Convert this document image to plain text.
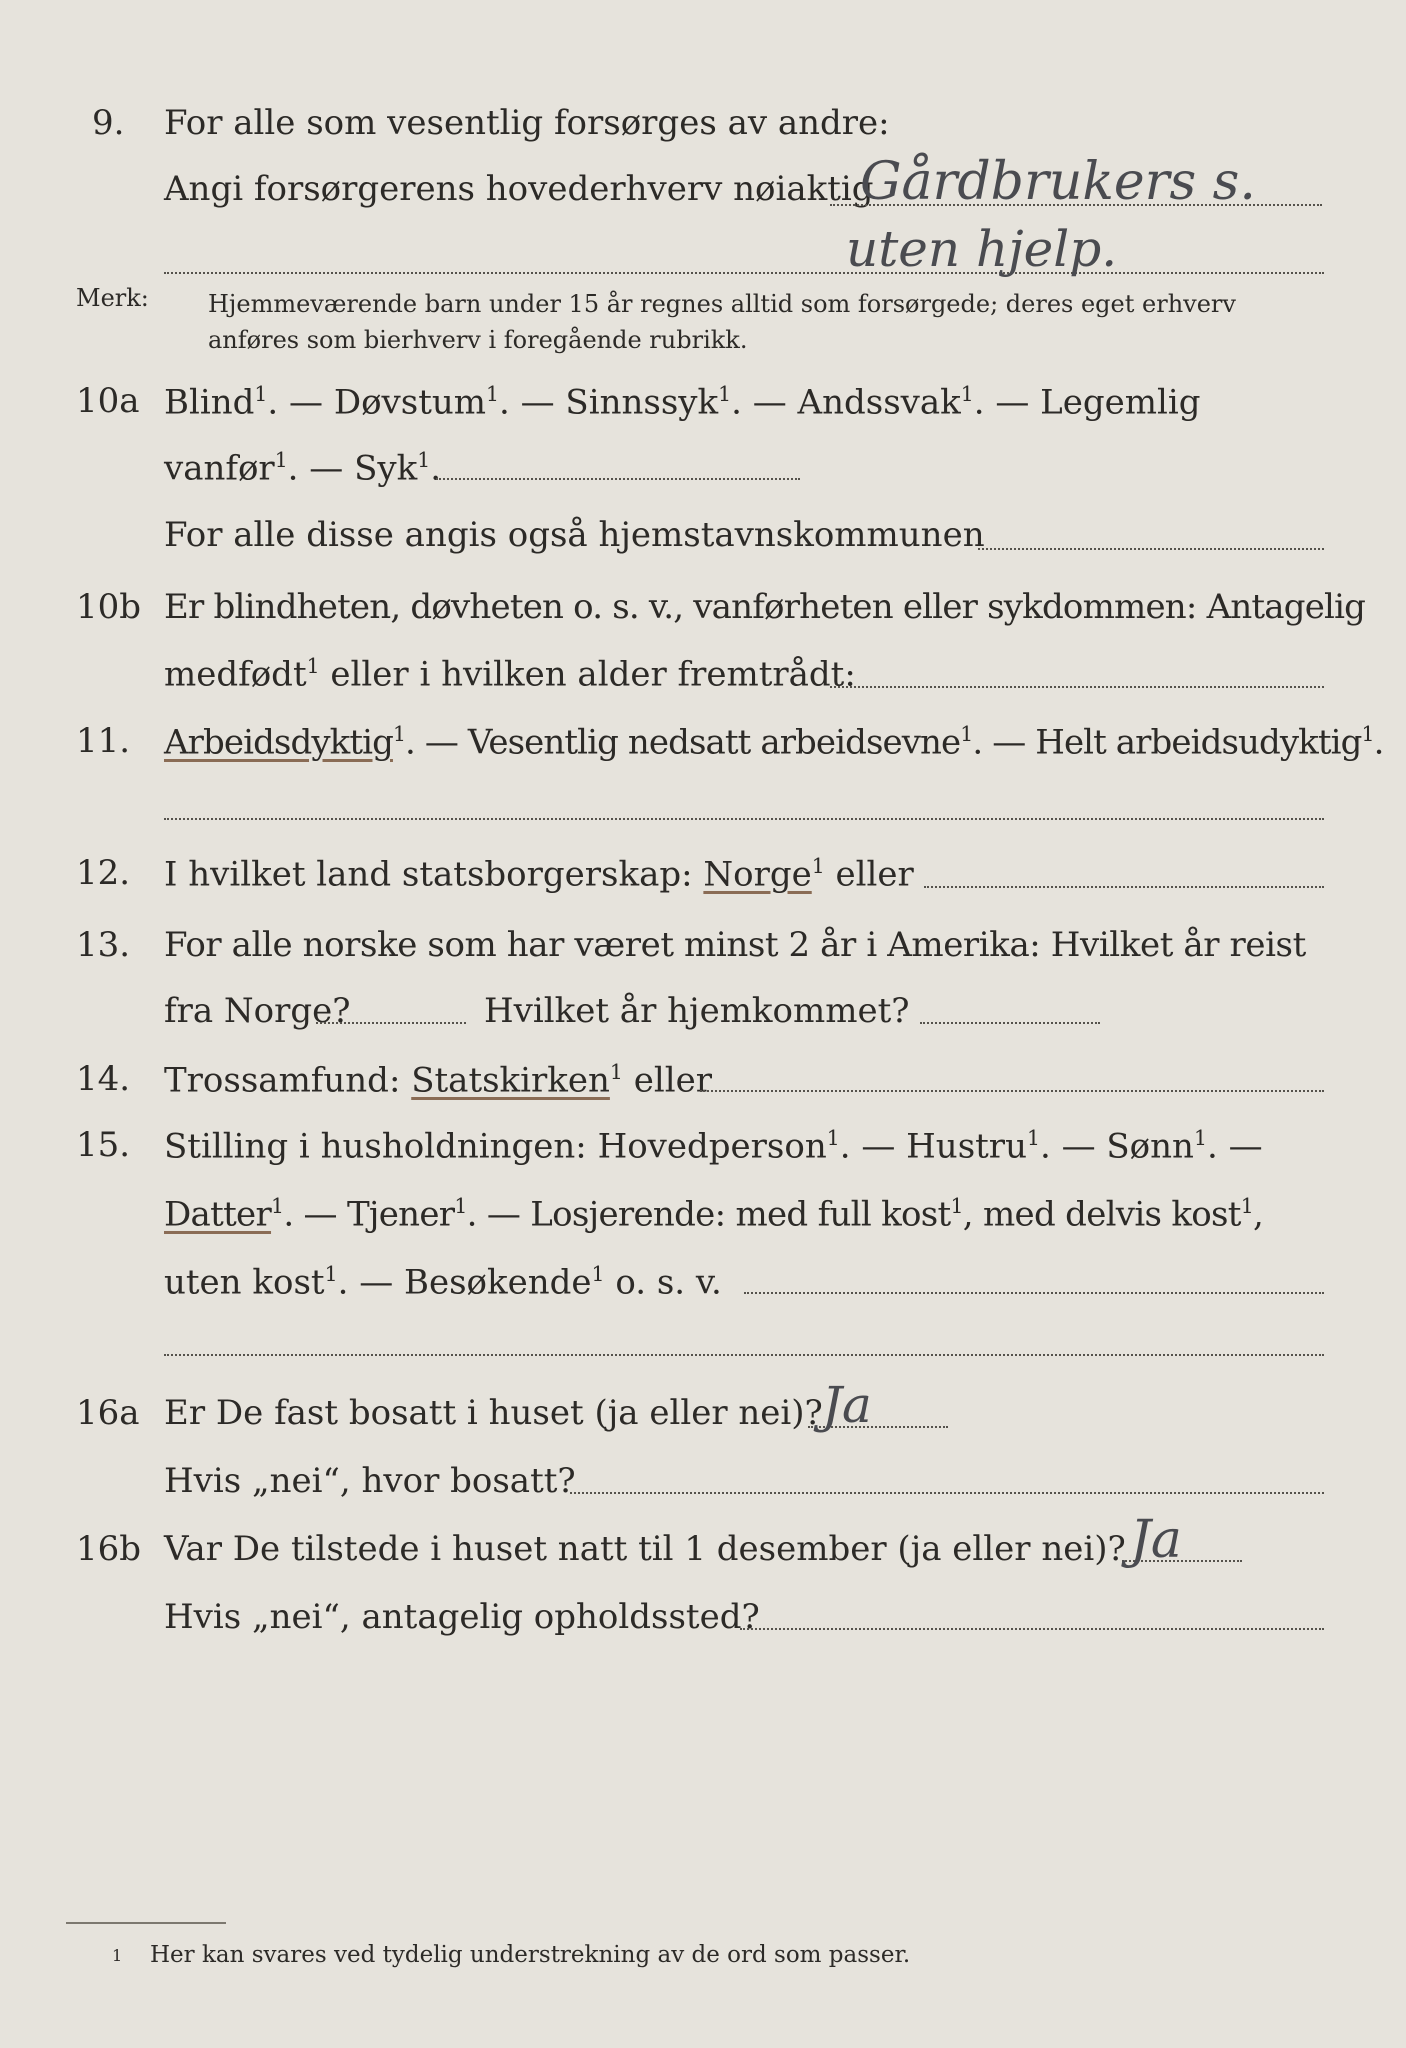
9. For alle som vesentlig forsørges av andre:
Angi forsørgerens hovederhverv nøiaktig
Gårdbrukers s.
uten hjelp.
Merk: Hjemmeværende barn under 15 år regnes alltid som forsørgede; deres eget erhverv
anføres som bierhverv i foregående rubrikk.
10a Blind$^1$. — Døvstum$^1$. — Sinnssyk$^1$. — Andssvak$^1$. — Legemlig
vanfør$^1$. — Syk$^1$.
For alle disse angis også hjemstavnskommunen
10b Er blindheten, døvheten o. s. v., vanførheten eller sykdommen: Antagelig
medfødt$^1$ eller i hvilken alder fremtrådt:
11. Arbeidsdyktig$^1$. — Vesentlig nedsatt arbeidsevne$^1$. — Helt arbeidsudyktig$^1$.
12. I hvilket land statsborgerskap: Norge$^1$ eller
13. For alle norske som har været minst 2 år i Amerika: Hvilket år reist
fra Norge?	Hvilket år hjemkommet?
14. Trossamfund: Statskirken$^1$ eller
15. Stilling i husholdningen: Hovedperson$^1$. — Hustru$^1$. — Sønn$^1$. —
Datter$^1$. — Tjener$^1$. — Losjerende: med full kost$^1$, med delvis kost$^1$,
uten kost$^1$. — Besøkende$^1$ o. s. v.
16a Er De fast bosatt i huset (ja eller nei)? Ja
Hvis „nei“, hvor bosatt?
16b Var De tilstede i huset natt til 1 desember (ja eller nei)? Ja
Hvis „nei“, antagelig opholdssted?
1 Her kan svares ved tydelig understrekning av de ord som passer.
